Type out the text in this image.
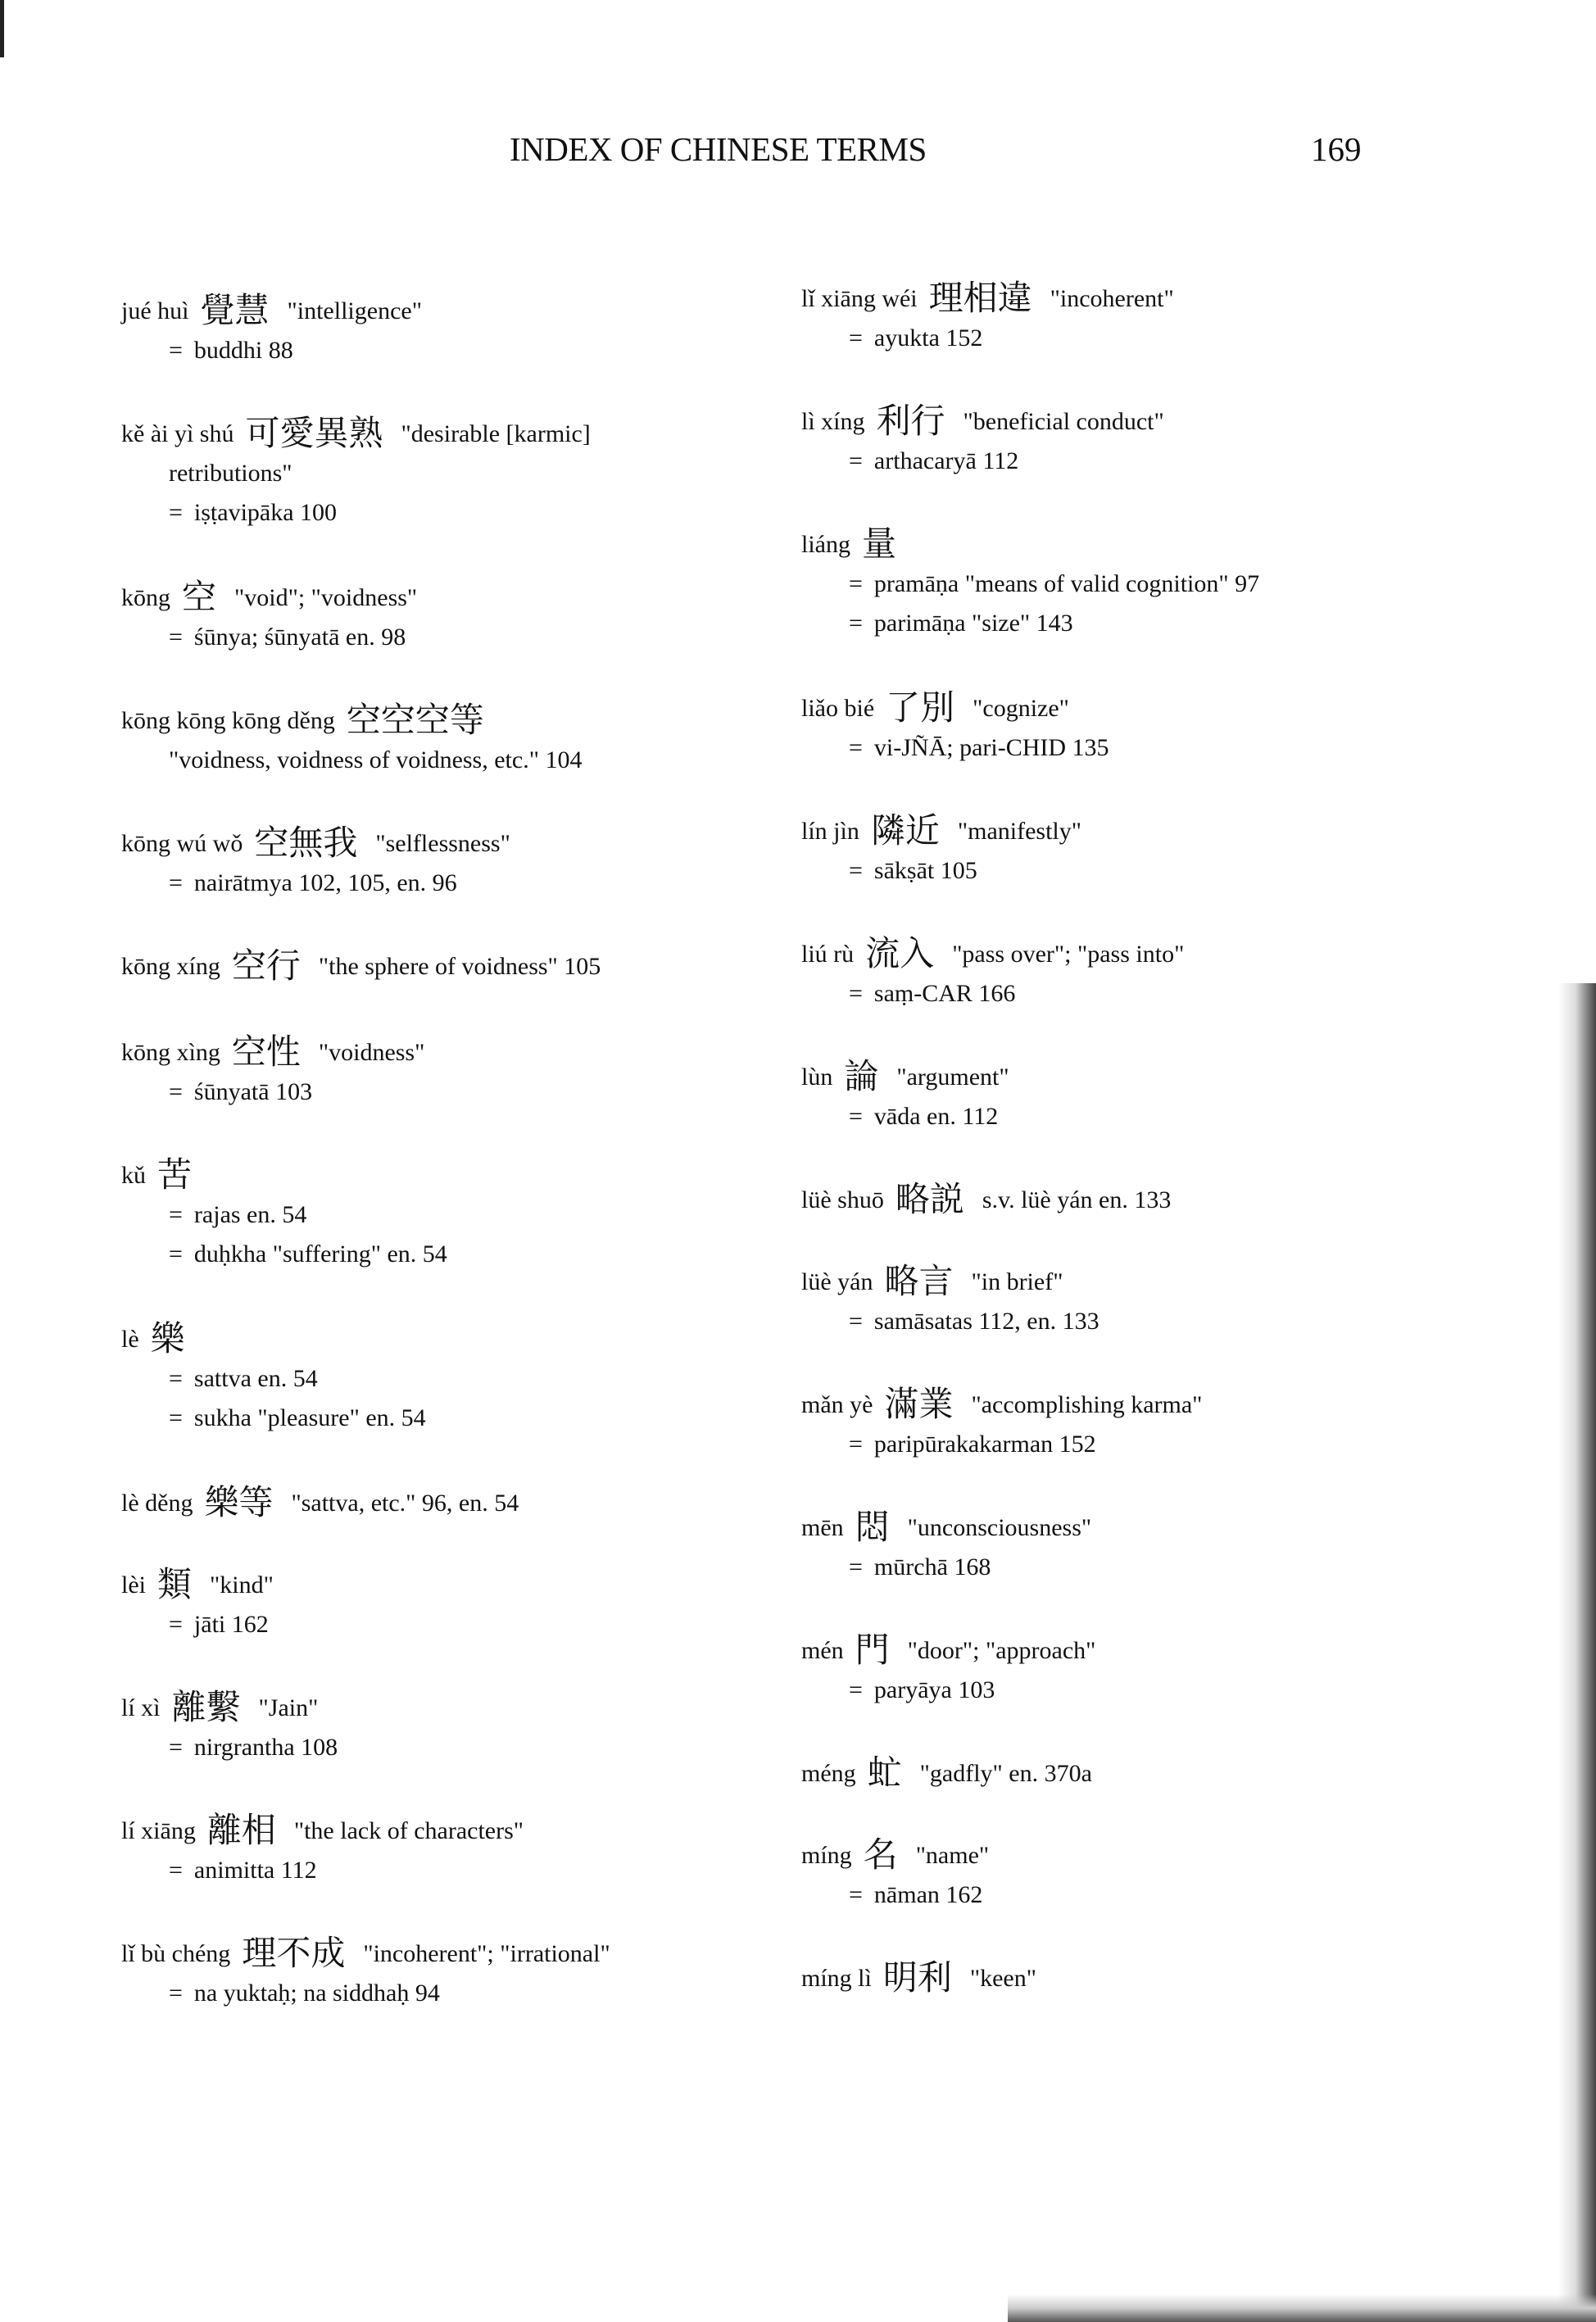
INDEX OF CHINESE TERMS	169
jué huì 覺慧 "intelligence"
= buddhi 88
kě ài yì shú 可愛異熟 "desirable [karmic]
retributions"
= iṣṭavipāka 100
kōng 空 "void"; "voidness"
= śūnya; śūnyatā en. 98
kōng kōng kōng děng 空空空等
"voidness, voidness of voidness, etc." 104
kōng wú wǒ 空無我 "selflessness"
= nairātmya 102, 105, en. 96
kōng xíng 空行 "the sphere of voidness" 105
kōng xìng 空性 "voidness"
= śūnyatā 103
kǔ 苦
= rajas en. 54
= duḥkha "suffering" en. 54
lè 樂
= sattva en. 54
= sukha "pleasure" en. 54
lè děng 樂等 "sattva, etc." 96, en. 54
lèi 類 "kind"
= jāti 162
lí xì 離繫 "Jain"
= nirgrantha 108
lí xiāng 離相 "the lack of characters"
= animitta 112
lǐ bù chéng 理不成 "incoherent"; "irrational"
= na yuktaḥ; na siddhaḥ 94
lǐ xiāng wéi 理相違 "incoherent"
= ayukta 152
lì xíng 利行 "beneficial conduct"
= arthacaryā 112
liáng 量
= pramāṇa "means of valid cognition" 97
= parimāṇa "size" 143
liǎo bié 了別 "cognize"
= vi-JÑĀ; pari-CHID 135
lín jìn 隣近 "manifestly"
= sākṣāt 105
liú rù 流入 "pass over"; "pass into"
= saṃ-CAR 166
lùn 論 "argument"
= vāda en. 112
lüè shuō 略説 s.v. lüè yán en. 133
lüè yán 略言 "in brief"
= samāsatas 112, en. 133
mǎn yè 滿業 "accomplishing karma"
= paripūrakakarman 152
mēn 悶 "unconsciousness"
= mūrchā 168
mén 門 "door"; "approach"
= paryāya 103
méng 虻 "gadfly" en. 370a
míng 名 "name"
= nāman 162
míng lì 明利 "keen"
